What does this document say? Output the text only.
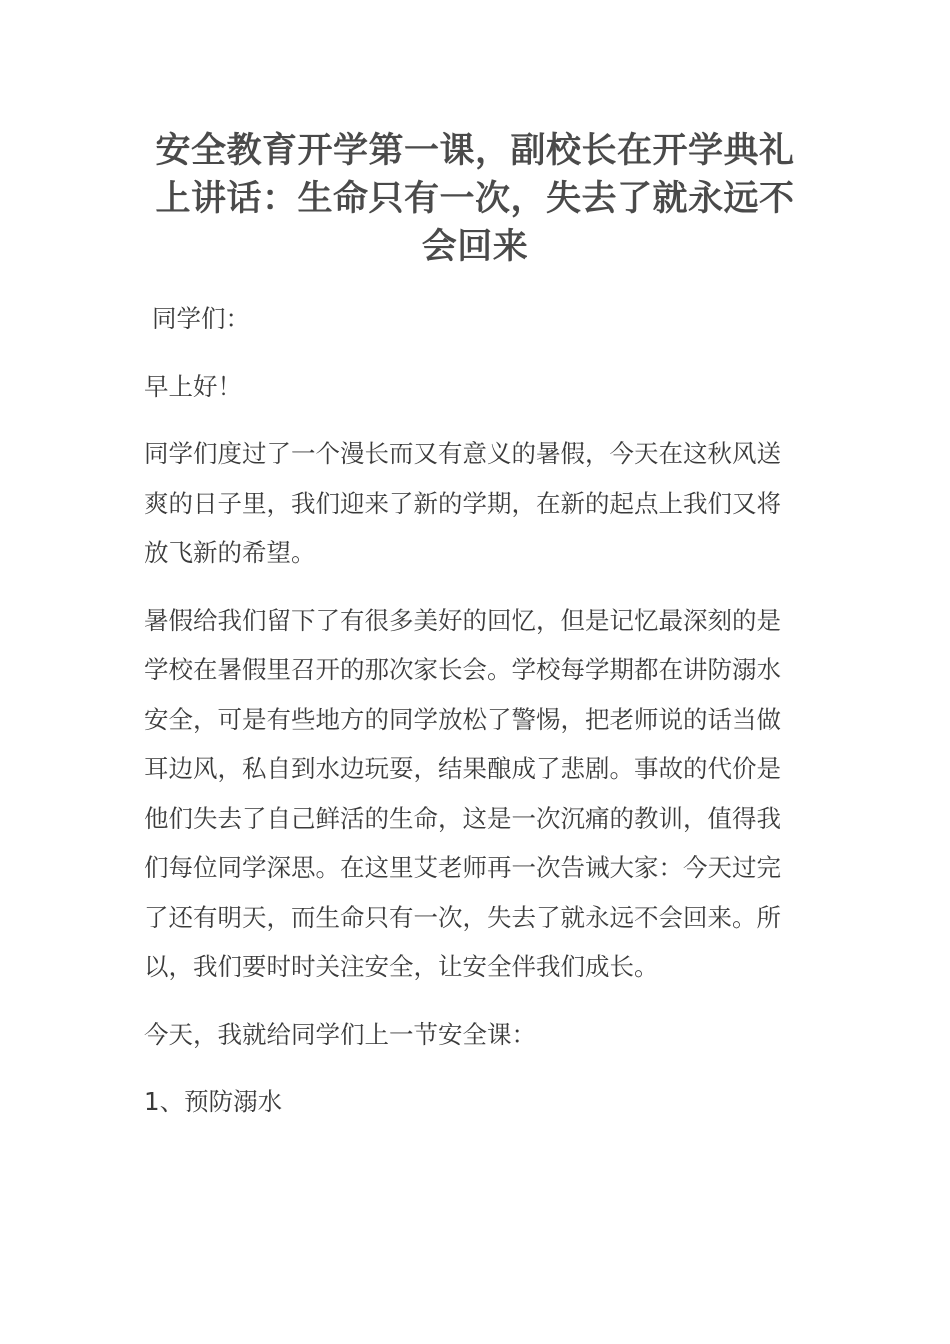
安全教育开学第一课，副校长在开学典礼上讲话：生命只有一次，失去了就永远不会回来

同学们：

早上好！

同学们度过了一个漫长而又有意义的暑假，今天在这秋风送爽的日子里，我们迎来了新的学期，在新的起点上我们又将放飞新的希望。

暑假给我们留下了有很多美好的回忆，但是记忆最深刻的是学校在暑假里召开的那次家长会。学校每学期都在讲防溺水安全，可是有些地方的同学放松了警惕，把老师说的话当做耳边风，私自到水边玩耍，结果酿成了悲剧。事故的代价是他们失去了自己鲜活的生命，这是一次沉痛的教训，值得我们每位同学深思。在这里艾老师再一次告诫大家：今天过完了还有明天，而生命只有一次，失去了就永远不会回来。所以，我们要时时关注安全，让安全伴我们成长。

今天，我就给同学们上一节安全课：

1、预防溺水
